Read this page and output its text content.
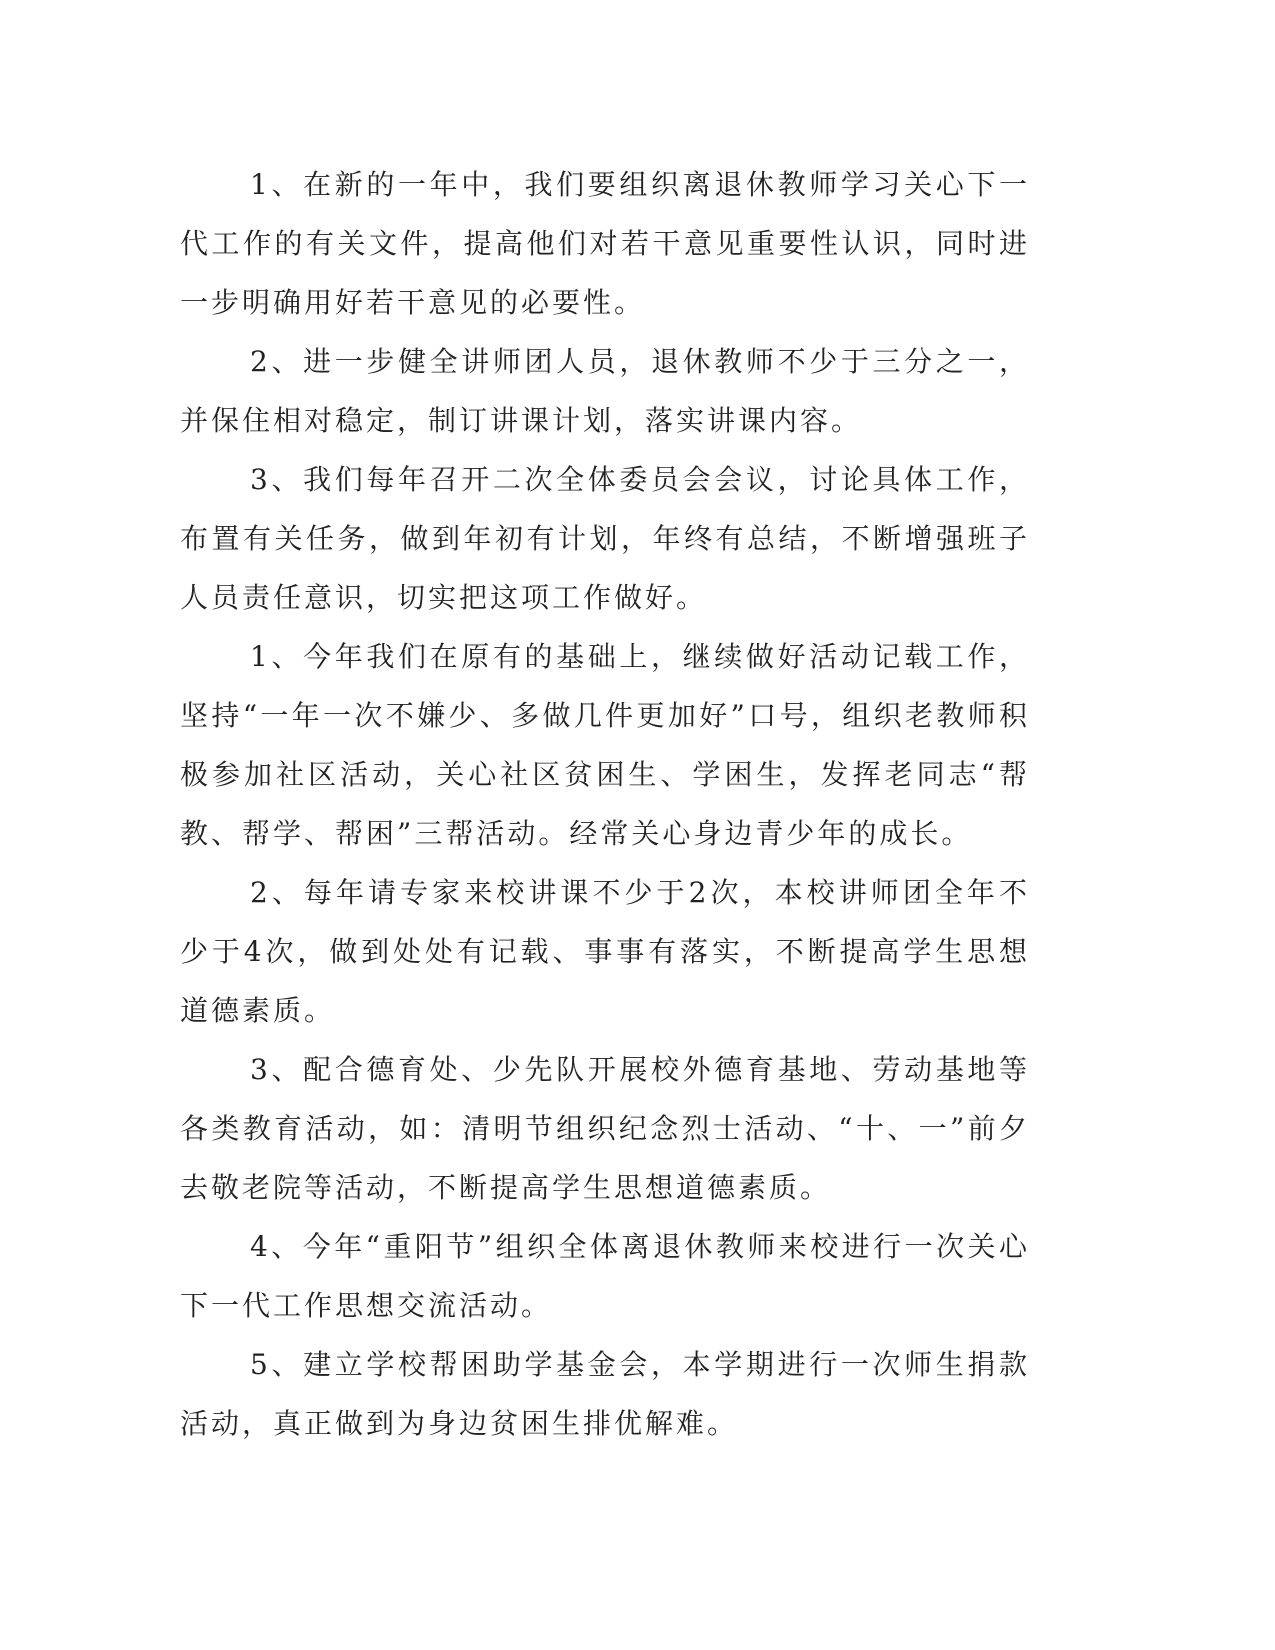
1、在新的一年中，我们要组织离退休教师学习关心下一代工作的有关文件，提高他们对若干意见重要性认识，同时进一步明确用好若干意见的必要性。

2、进一步健全讲师团人员，退休教师不少于三分之一，并保住相对稳定，制订讲课计划，落实讲课内容。

3、我们每年召开二次全体委员会会议，讨论具体工作，布置有关任务，做到年初有计划，年终有总结，不断增强班子人员责任意识，切实把这项工作做好。

1、今年我们在原有的基础上，继续做好活动记载工作，坚持“一年一次不嫌少、多做几件更加好”口号，组织老教师积极参加社区活动，关心社区贫困生、学困生，发挥老同志“帮教、帮学、帮困”三帮活动。经常关心身边青少年的成长。

2、每年请专家来校讲课不少于2次，本校讲师团全年不少于4次，做到处处有记载、事事有落实，不断提高学生思想道德素质。

3、配合德育处、少先队开展校外德育基地、劳动基地等各类教育活动，如：清明节组织纪念烈士活动、“十、一”前夕去敬老院等活动，不断提高学生思想道德素质。

4、今年“重阳节”组织全体离退休教师来校进行一次关心下一代工作思想交流活动。

5、建立学校帮困助学基金会，本学期进行一次师生捐款活动，真正做到为身边贫困生排优解难。
